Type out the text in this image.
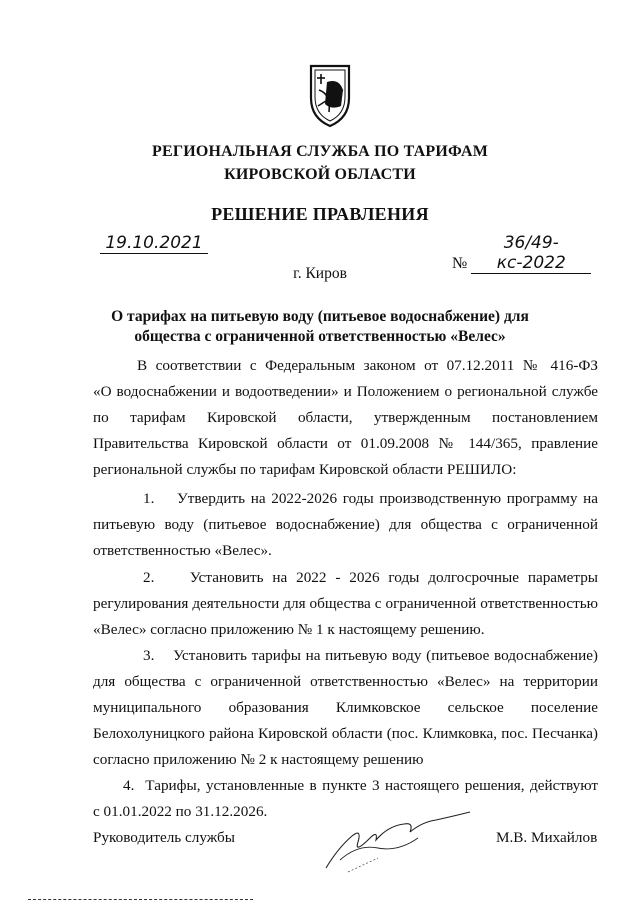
РЕГИОНАЛЬНАЯ СЛУЖБА ПО ТАРИФАМ
КИРОВСКОЙ ОБЛАСТИ
РЕШЕНИЕ ПРАВЛЕНИЯ
19.10.2021
№ 36/49-кс-2022
г. Киров
О тарифах на питьевую воду (питьевое водоснабжение) для
общества с ограниченной ответственностью «Велес»
В соответствии с Федеральным законом от 07.12.2011 № 416-ФЗ
«О водоснабжении и водоотведении» и Положением о региональной службе
по тарифам Кировской области, утвержденным постановлением
Правительства Кировской области от 01.09.2008 № 144/365, правление
региональной службы по тарифам Кировской области РЕШИЛО:
1.    Утвердить на 2022-2026 годы производственную программу на
питьевую воду (питьевое водоснабжение) для общества с ограниченной
ответственностью «Велес».
2.    Установить на 2022 - 2026 годы долгосрочные параметры
регулирования деятельности для общества с ограниченной ответственностью
«Велес» согласно приложению № 1 к настоящему решению.
3.    Установить тарифы на питьевую воду (питьевое водоснабжение)
для общества с ограниченной ответственностью «Велес» на территории
муниципального образования Климковское сельское поселение
Белохолуницкого района Кировской области (пос. Климковка, пос. Песчанка)
согласно приложению № 2 к настоящему решению
4.  Тарифы, установленные в пункте 3 настоящего решения, действуют
с 01.01.2022 по 31.12.2026.
Руководитель службы	М.В. Михайлов
